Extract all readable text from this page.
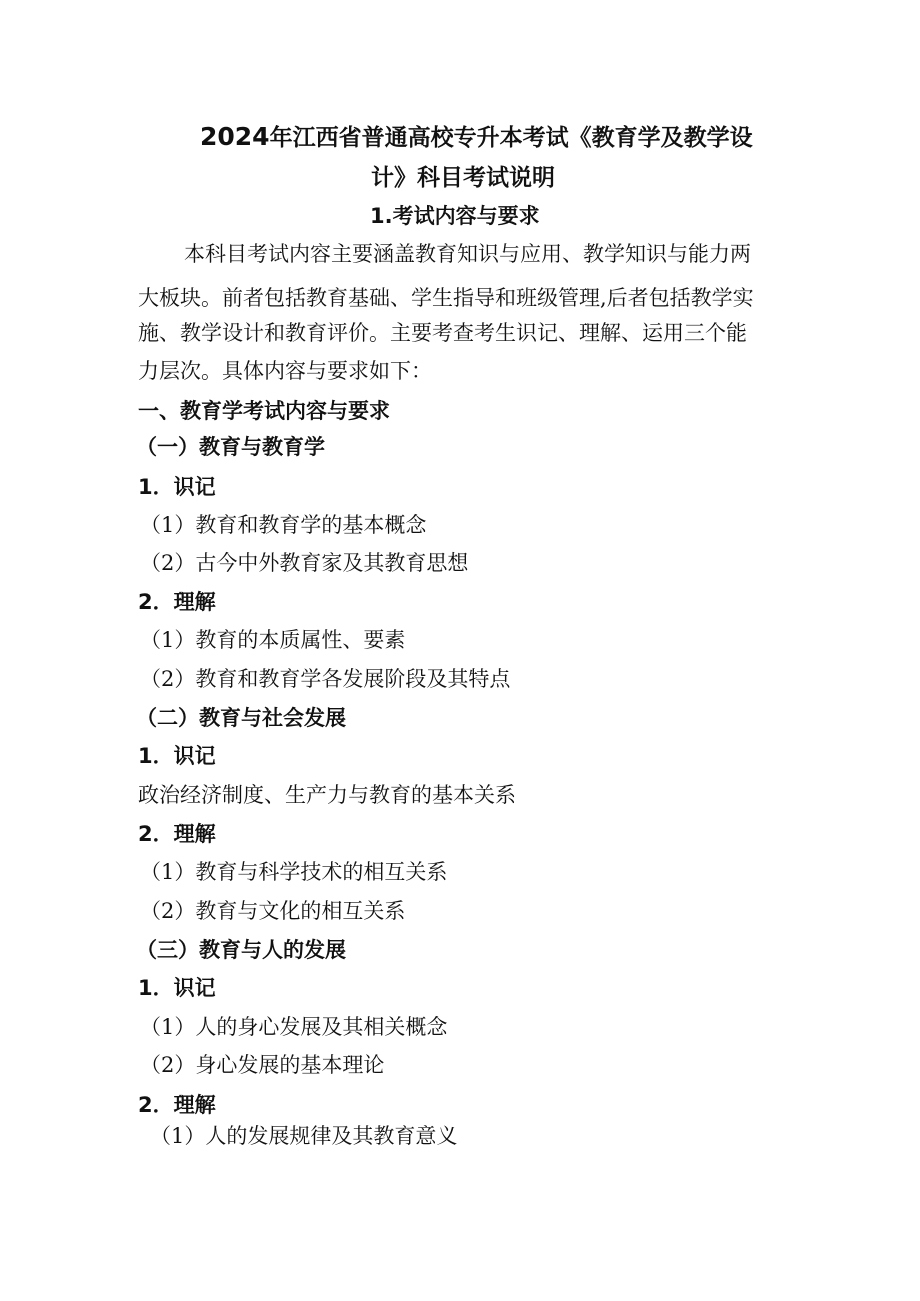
2024年江西省普通高校专升本考试《教育学及教学设
计》科目考试说明
1.考试内容与要求
本科目考试内容主要涵盖教育知识与应用、教学知识与能力两
大板块。前者包括教育基础、学生指导和班级管理,后者包括教学实
施、教学设计和教育评价。主要考查考生识记、理解、运用三个能
力层次。具体内容与要求如下：
一、教育学考试内容与要求
（一）教育与教育学
1．识记
（1）教育和教育学的基本概念
（2）古今中外教育家及其教育思想
2．理解
（1）教育的本质属性、要素
（2）教育和教育学各发展阶段及其特点
（二）教育与社会发展
1．识记
政治经济制度、生产力与教育的基本关系
2．理解
（1）教育与科学技术的相互关系
（2）教育与文化的相互关系
（三）教育与人的发展
1．识记
（1）人的身心发展及其相关概念
（2）身心发展的基本理论
2．理解
（1）人的发展规律及其教育意义
